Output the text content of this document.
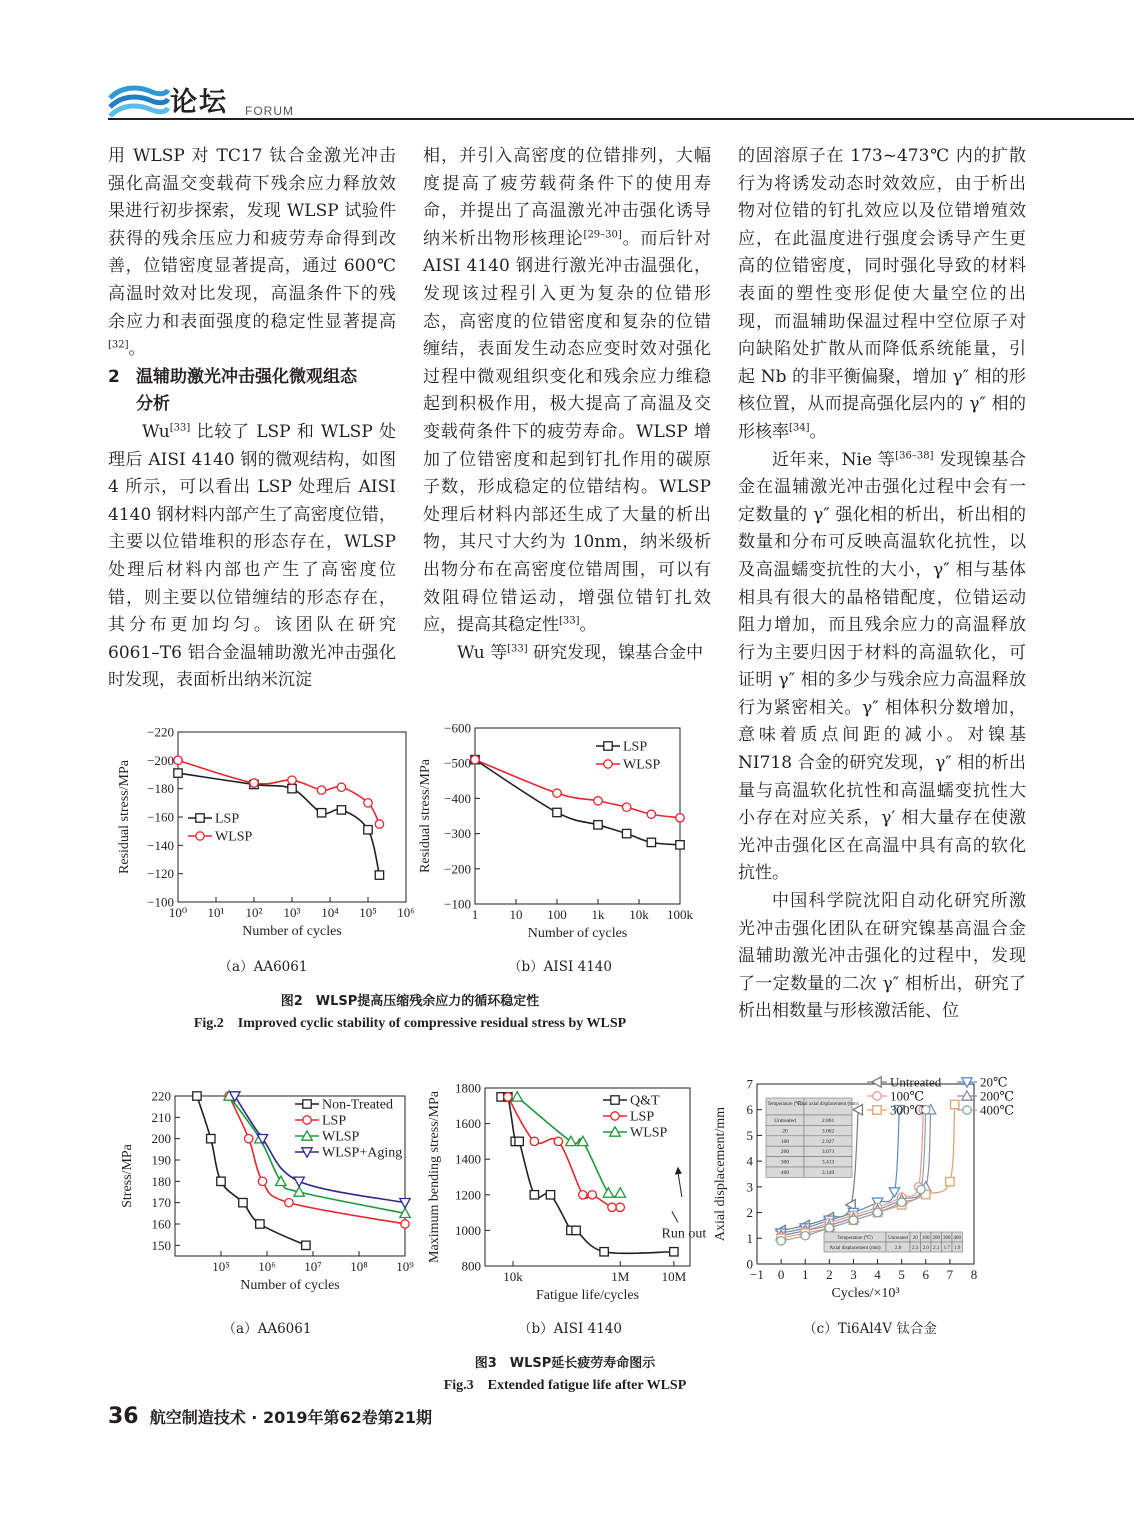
论坛 FORUM

用 WLSP 对 TC17 钛合金激光冲击强化高温交变载荷下残余应力释放效果进行初步探索，发现 WLSP 试验件获得的残余压应力和疲劳寿命得到改善，位错密度显著提高，通过 600℃ 高温时效对比发现，高温条件下的残余应力和表面强度的稳定性显著提高[32]。

2 温辅助激光冲击强化微观组态
分析

Wu[33] 比较了 LSP 和 WLSP 处理后 AISI 4140 钢的微观结构，如图 4 所示，可以看出 LSP 处理后 AISI 4140 钢材料内部产生了高密度位错，主要以位错堆积的形态存在，WLSP 处理后材料内部也产生了高密度位错，则主要以位错缠结的形态存在，其分布更加均匀。该团队在研究 6061–T6 铝合金温辅助激光冲击强化时发现，表面析出纳米沉淀

相，并引入高密度的位错排列，大幅度提高了疲劳载荷条件下的使用寿命，并提出了高温激光冲击强化诱导纳米析出物形核理论[29–30]。而后针对 AISI 4140 钢进行激光冲击温强化，发现该过程引入更为复杂的位错形态，高密度的位错密度和复杂的位错缠结，表面发生动态应变时效对强化过程中微观组织变化和残余应力维稳起到积极作用，极大提高了高温及交变载荷条件下的疲劳寿命。WLSP 增加了位错密度和起到钉扎作用的碳原子数，形成稳定的位错结构。WLSP 处理后材料内部还生成了大量的析出物，其尺寸大约为 10nm，纳米级析出物分布在高密度位错周围，可以有效阻碍位错运动，增强位错钉扎效应，提高其稳定性[33]。

Wu 等[33] 研究发现，镍基合金中

的固溶原子在 173~473℃ 内的扩散行为将诱发动态时效效应，由于析出物对位错的钉扎效应以及位错增殖效应，在此温度进行强度会诱导产生更高的位错密度，同时强化导致的材料表面的塑性变形促使大量空位的出现，而温辅助保温过程中空位原子对向缺陷处扩散从而降低系统能量，引起 Nb 的非平衡偏聚，增加 γ″ 相的形核位置，从而提高强化层内的 γ″ 相的形核率[34]。

近年来，Nie 等[36–38] 发现镍基合金在温辅激光冲击强化过程中会有一定数量的 γ″ 强化相的析出，析出相的数量和分布可反映高温软化抗性，以及高温蠕变抗性的大小，γ″ 相与基体相具有很大的晶格错配度，位错运动阻力增加，而且残余应力的高温释放行为主要归因于材料的高温软化，可证明 γ″ 相的多少与残余应力高温释放行为紧密相关。γ″ 相体积分数增加，意味着质点间距的减小。对镍基 NI718 合金的研究发现，γ″ 相的析出量与高温软化抗性和高温蠕变抗性大小存在对应关系，γ′ 相大量存在使激光冲击强化区在高温中具有高的软化抗性。

中国科学院沈阳自动化研究所激光冲击强化团队在研究镍基高温合金温辅助激光冲击强化的过程中，发现了一定数量的二次 γ″ 相析出，研究了析出相数量与形核激活能、位

10⁰ 10¹ 10² 10³ 10⁴ 10⁵ 10⁶
−100
−120
−140
−160
−180
−200
−220
Number of cycles
Residual stress/MPa	LSP
WLSP
1 10 100 1k 10k 100k
−100
−200
−300
−400
−500
−600
Number of cycles
Residual stress/MPa
LSP
WLSP
（a）AA6061	（b）AISI 4140
图2　WLSP提高压缩残余应力的循环稳定性
Fig.2　Improved cyclic stability of compressive residual stress by WLSP
10⁵ 10⁶ 10⁷ 10⁸ 10⁹
150
160
170
180
190
200
210
220
Number of cycles
Stress/MPa
Non-Treated
LSP
WLSP
WLSP+Aging
10k	1M 10M
800
1000
1200
1400
1600
1800
Fatigue life/cycles
Maximum bending stress/MPa	Q&T
LSP
WLSP
Run out
−1 0 1 2 3 4 5 6 7 8
0
1
2
3
4
5
6
7
Cycles/×10³
Axial displacement/mm
Untreated	20℃
100℃	200℃
300℃	400℃
Temperature (℃)
Final axial displacement (mm)
Untreated	2.861
20	3.002
100	2.927
200	3.073
300	3.413
400	3.149
Temperature (℃)	Untreated 20 100 200 300 400
Axial displacement (mm)	2.8 2.3 2.0 2.1 1.7 1.9
（a）AA6061	（b）AISI 4140	（c）Ti6Al4V 钛合金
图3　WLSP延长疲劳寿命图示
Fig.3　Extended fatigue life after WLSP
36 航空制造技术 · 2019年第62卷第21期
